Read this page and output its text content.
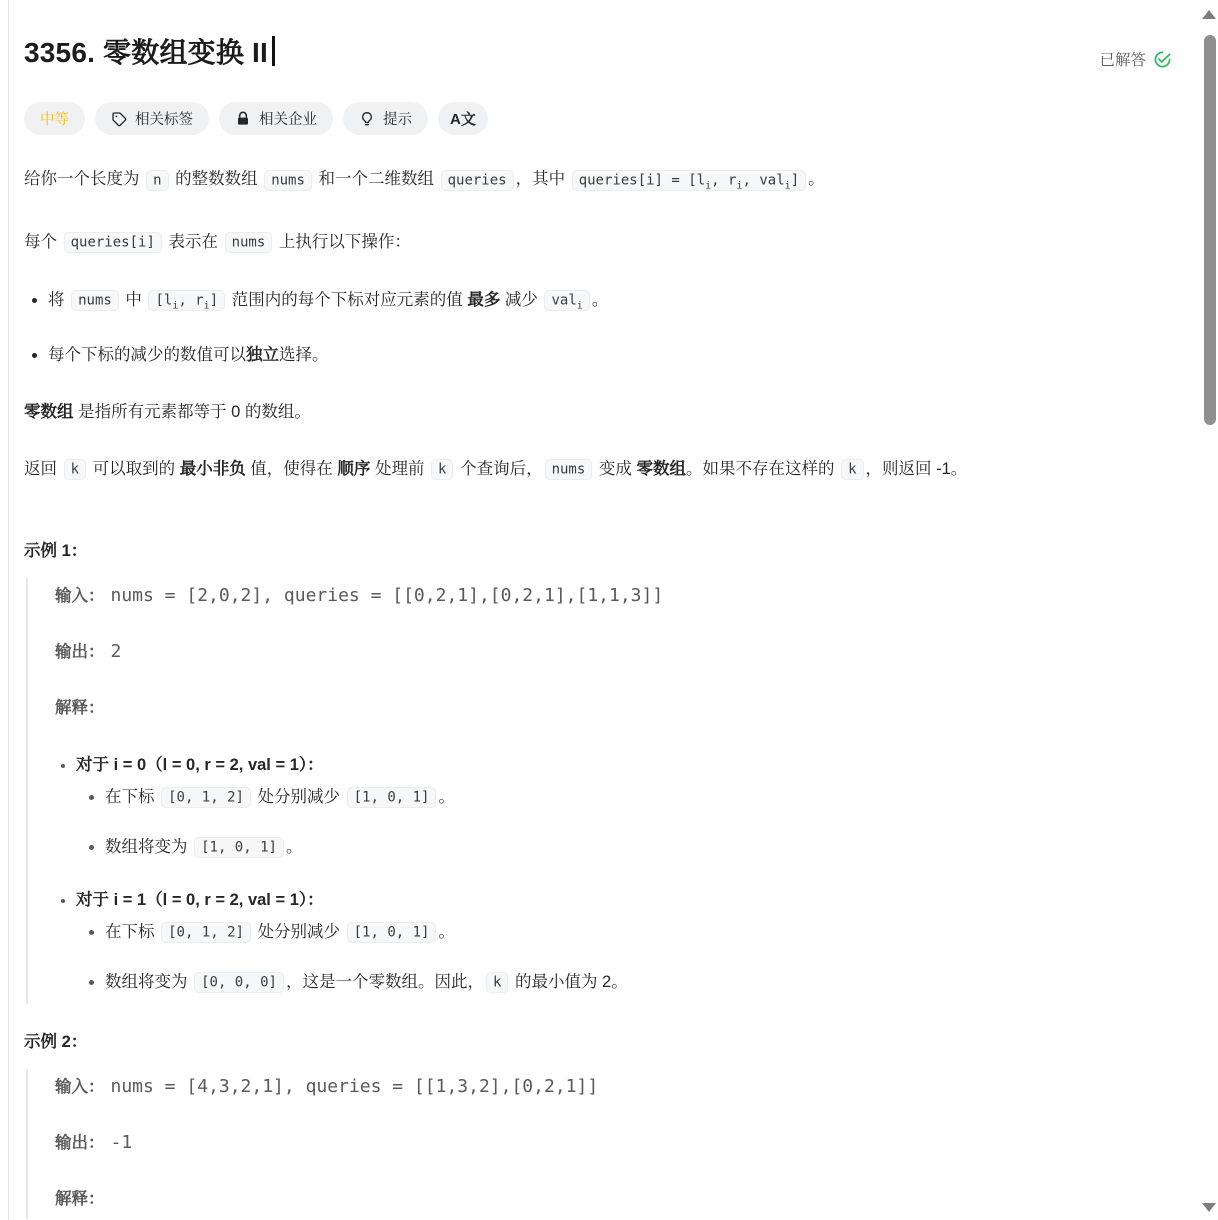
3356. 零数组变换 II	已解答
中等	相关标签	相关企业	提示	A文

给你一个长度为 n 的整数数组 nums 和一个二维数组 queries ，其中 queries[i] = [$l_i$, $r_i$, val$_i$] 。

每个 queries[i] 表示在 nums 上执行以下操作：

• 将 nums 中 [$l_i$, $r_i$] 范围内的每个下标对应元素的值 最多 减少 val$_i$ 。
• 每个下标的减少的数值可以独立选择。

零数组 是指所有元素都等于 0 的数组。

返回 k 可以取到的 最小非负 值，使得在 顺序 处理前 k 个查询后， nums 变成 零数组。如果不存在这样的 k ，则返回 -1。

示例 1：

输入： nums = [2,0,2], queries = [[0,2,1],[0,2,1],[1,1,3]]
输出： 2
解释：

• 对于 i = 0（l = 0, r = 2, val = 1）：

• 在下标 [0, 1, 2] 处分别减少 [1, 0, 1] 。
• 数组将变为 [1, 0, 1] 。

• 对于 i = 1（l = 0, r = 2, val = 1）：

• 在下标 [0, 1, 2] 处分别减少 [1, 0, 1] 。
• 数组将变为 [0, 0, 0] ，这是一个零数组。因此， k 的最小值为 2。

示例 2：

输入： nums = [4,3,2,1], queries = [[1,3,2],[0,2,1]]
输出： -1
解释：
